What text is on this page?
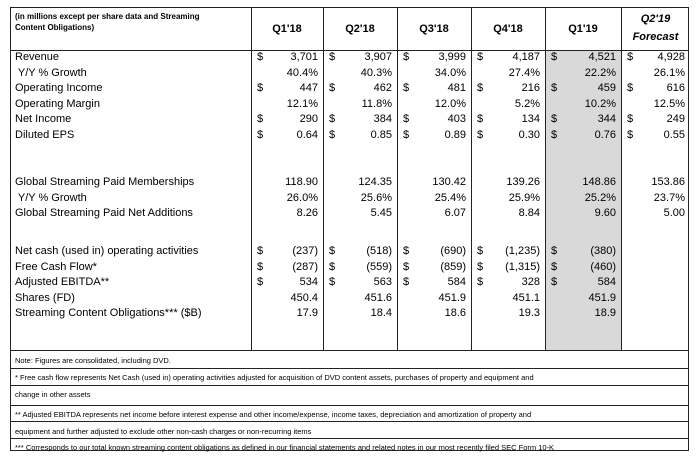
(in millions except per share data and Streaming Content Obligations)	Q1'18	Q2'18	Q3'18	Q4'18	Q1'19
Q2'19
Forecast
Revenue	$	3,701 $	3,907 $	3,999 $	4,187 $	4,521 $	4,928
Y/Y % Growth	40.4%	40.3%	34.0%	27.4%	22.2%	26.1%
Operating Income	$	447 $	462 $	481 $	216 $	459 $	616
Operating Margin	12.1%	11.8%	12.0%	5.2%	10.2%	12.5%
Net Income	$	290 $	384 $	403 $	134 $	344 $	249
Diluted EPS	$	0.64 $	0.85 $	0.89 $	0.30 $	0.76 $	0.55
Global Streaming Paid Memberships	118.90	124.35	130.42	139.26	148.86	153.86
Y/Y % Growth	26.0%	25.6%	25.4%	25.9%	25.2%	23.7%
Global Streaming Paid Net Additions	8.26	5.45	6.07	8.84	9.60	5.00
Net cash (used in) operating activities	$	(237) $	(518) $	(690) $	(1,235) $	(380)
Free Cash Flow*	$	(287) $	(559) $	(859) $	(1,315) $	(460)
Adjusted EBITDA**	$	534 $	563 $	584 $	328 $	584
Shares (FD)	450.4	451.6	451.9	451.1	451.9
Streaming Content Obligations*** ($B)	17.9	18.4	18.6	19.3	18.9
Note: Figures are consolidated, including DVD.
* Free cash flow represents Net Cash (used in) operating activities adjusted for acquisition of DVD content assets, purchases of property and equipment and
change in other assets
** Adjusted EBITDA represents net income before interest expense and other income/expense, income taxes, depreciation and amortization of property and
equipment and further adjusted to exclude other non-cash charges or non-recurring items
*** Corresponds to our total known streaming content obligations as defined in our financial statements and related notes in our most recently filed SEC Form 10-K
